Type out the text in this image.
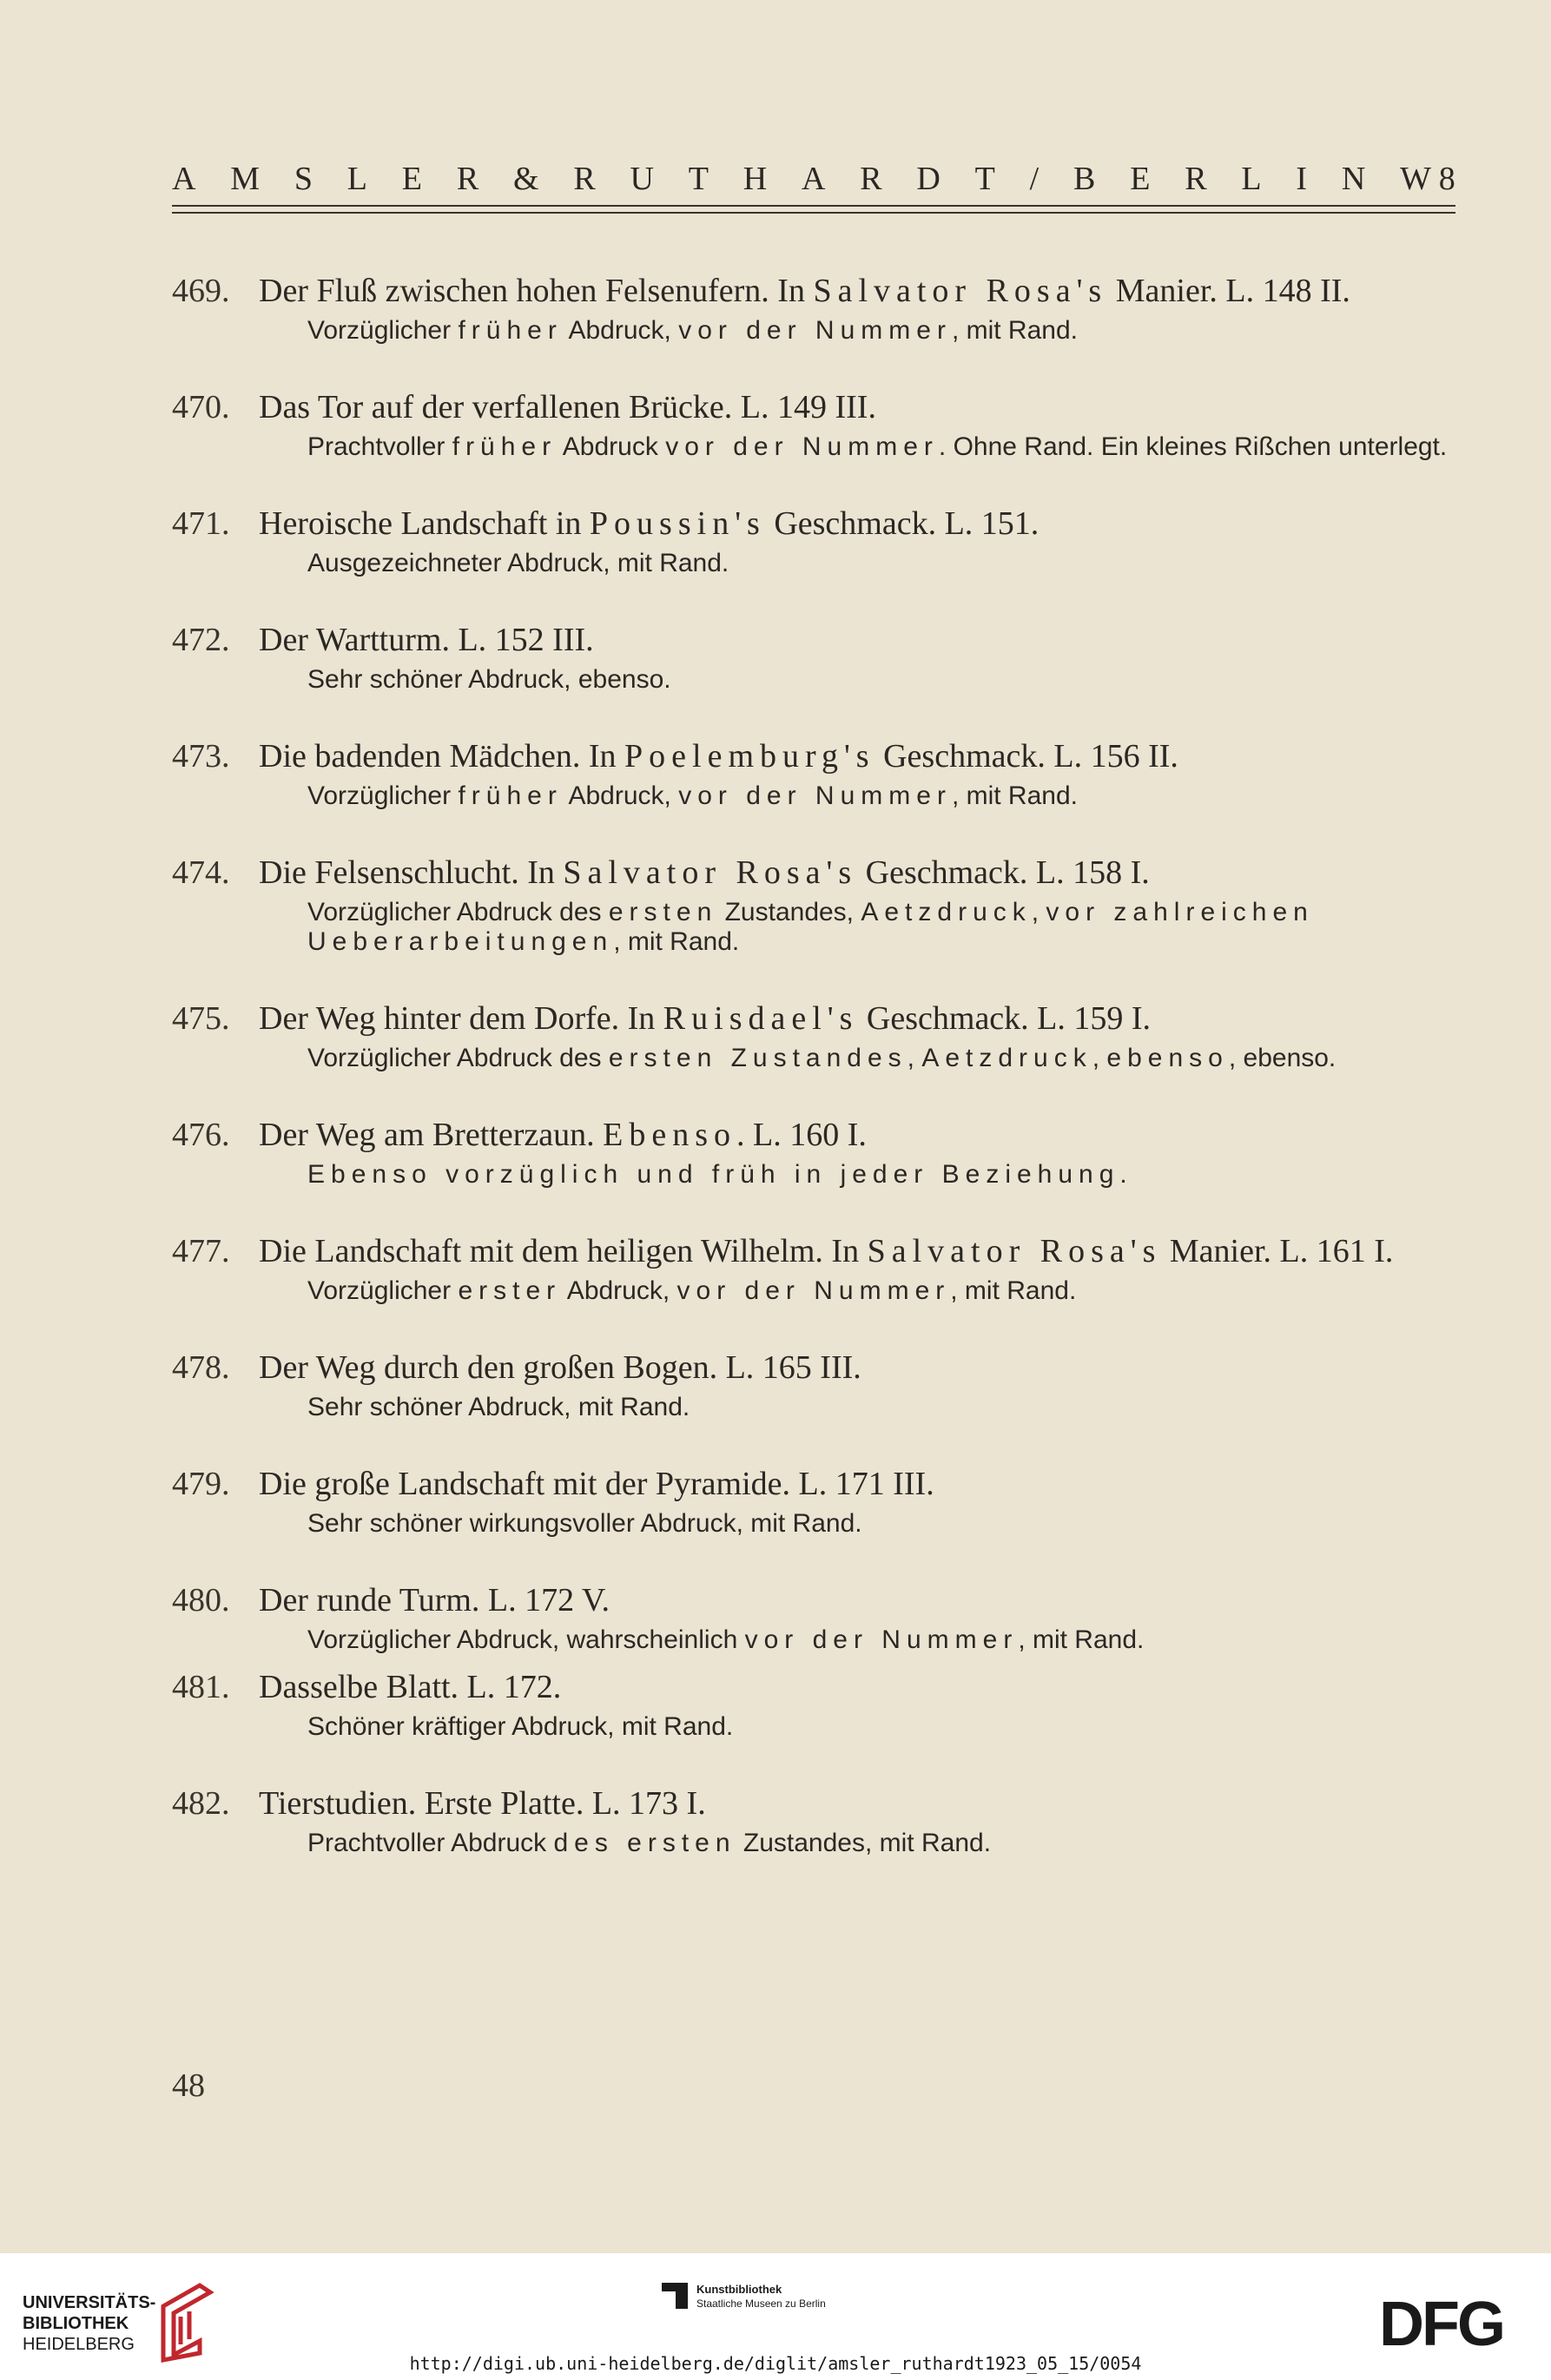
A M S L E R & R U T H A R D T / B E R L I N W 8
469. Der Fluß zwischen hohen Felsenufern. In Salvator Rosa's Manier. L. 148 II.
Vorzüglicher früher Abdruck, vor der Nummer, mit Rand.
470. Das Tor auf der verfallenen Brücke. L. 149 III.
Prachtvoller früher Abdruck vor der Nummer. Ohne Rand. Ein kleines Rißchen unterlegt.
471. Heroische Landschaft in Poussin's Geschmack. L. 151.
Ausgezeichneter Abdruck, mit Rand.
472. Der Wartturm. L. 152 III.
Sehr schöner Abdruck, ebenso.
473. Die badenden Mädchen. In Poelemburg's Geschmack. L. 156 II.
Vorzüglicher früher Abdruck, vor der Nummer, mit Rand.
474. Die Felsenschlucht. In Salvator Rosa's Geschmack. L. 158 I.
Vorzüglicher Abdruck des ersten Zustandes, Aetzdruck, vor zahlreichen Ueberarbeitungen, mit Rand.
475. Der Weg hinter dem Dorfe. In Ruisdael's Geschmack. L. 159 I.
Vorzüglicher Abdruck des ersten Zustandes, Aetzdruck, ebenso, ebenso.
476. Der Weg am Bretterzaun. Ebenso. L. 160 I.
Ebenso vorzüglich und früh in jeder Beziehung.
477. Die Landschaft mit dem heiligen Wilhelm. In Salvator Rosa's Manier. L. 161 I.
Vorzüglicher erster Abdruck, vor der Nummer, mit Rand.
478. Der Weg durch den großen Bogen. L. 165 III.
Sehr schöner Abdruck, mit Rand.
479. Die große Landschaft mit der Pyramide. L. 171 III.
Sehr schöner wirkungsvoller Abdruck, mit Rand.
480. Der runde Turm. L. 172 V.
Vorzüglicher Abdruck, wahrscheinlich vor der Nummer, mit Rand.
481. Dasselbe Blatt. L. 172.
Schöner kräftiger Abdruck, mit Rand.
482. Tierstudien. Erste Platte. L. 173 I.
Prachtvoller Abdruck des ersten Zustandes, mit Rand.
48
UNIVERSITÄTS-
BIBLIOTHEK
HEIDELBERG
Kunstbibliothek
Staatliche Museen zu Berlin	DFG
http://digi.ub.uni-heidelberg.de/diglit/amsler_ruthardt1923_05_15/0054
